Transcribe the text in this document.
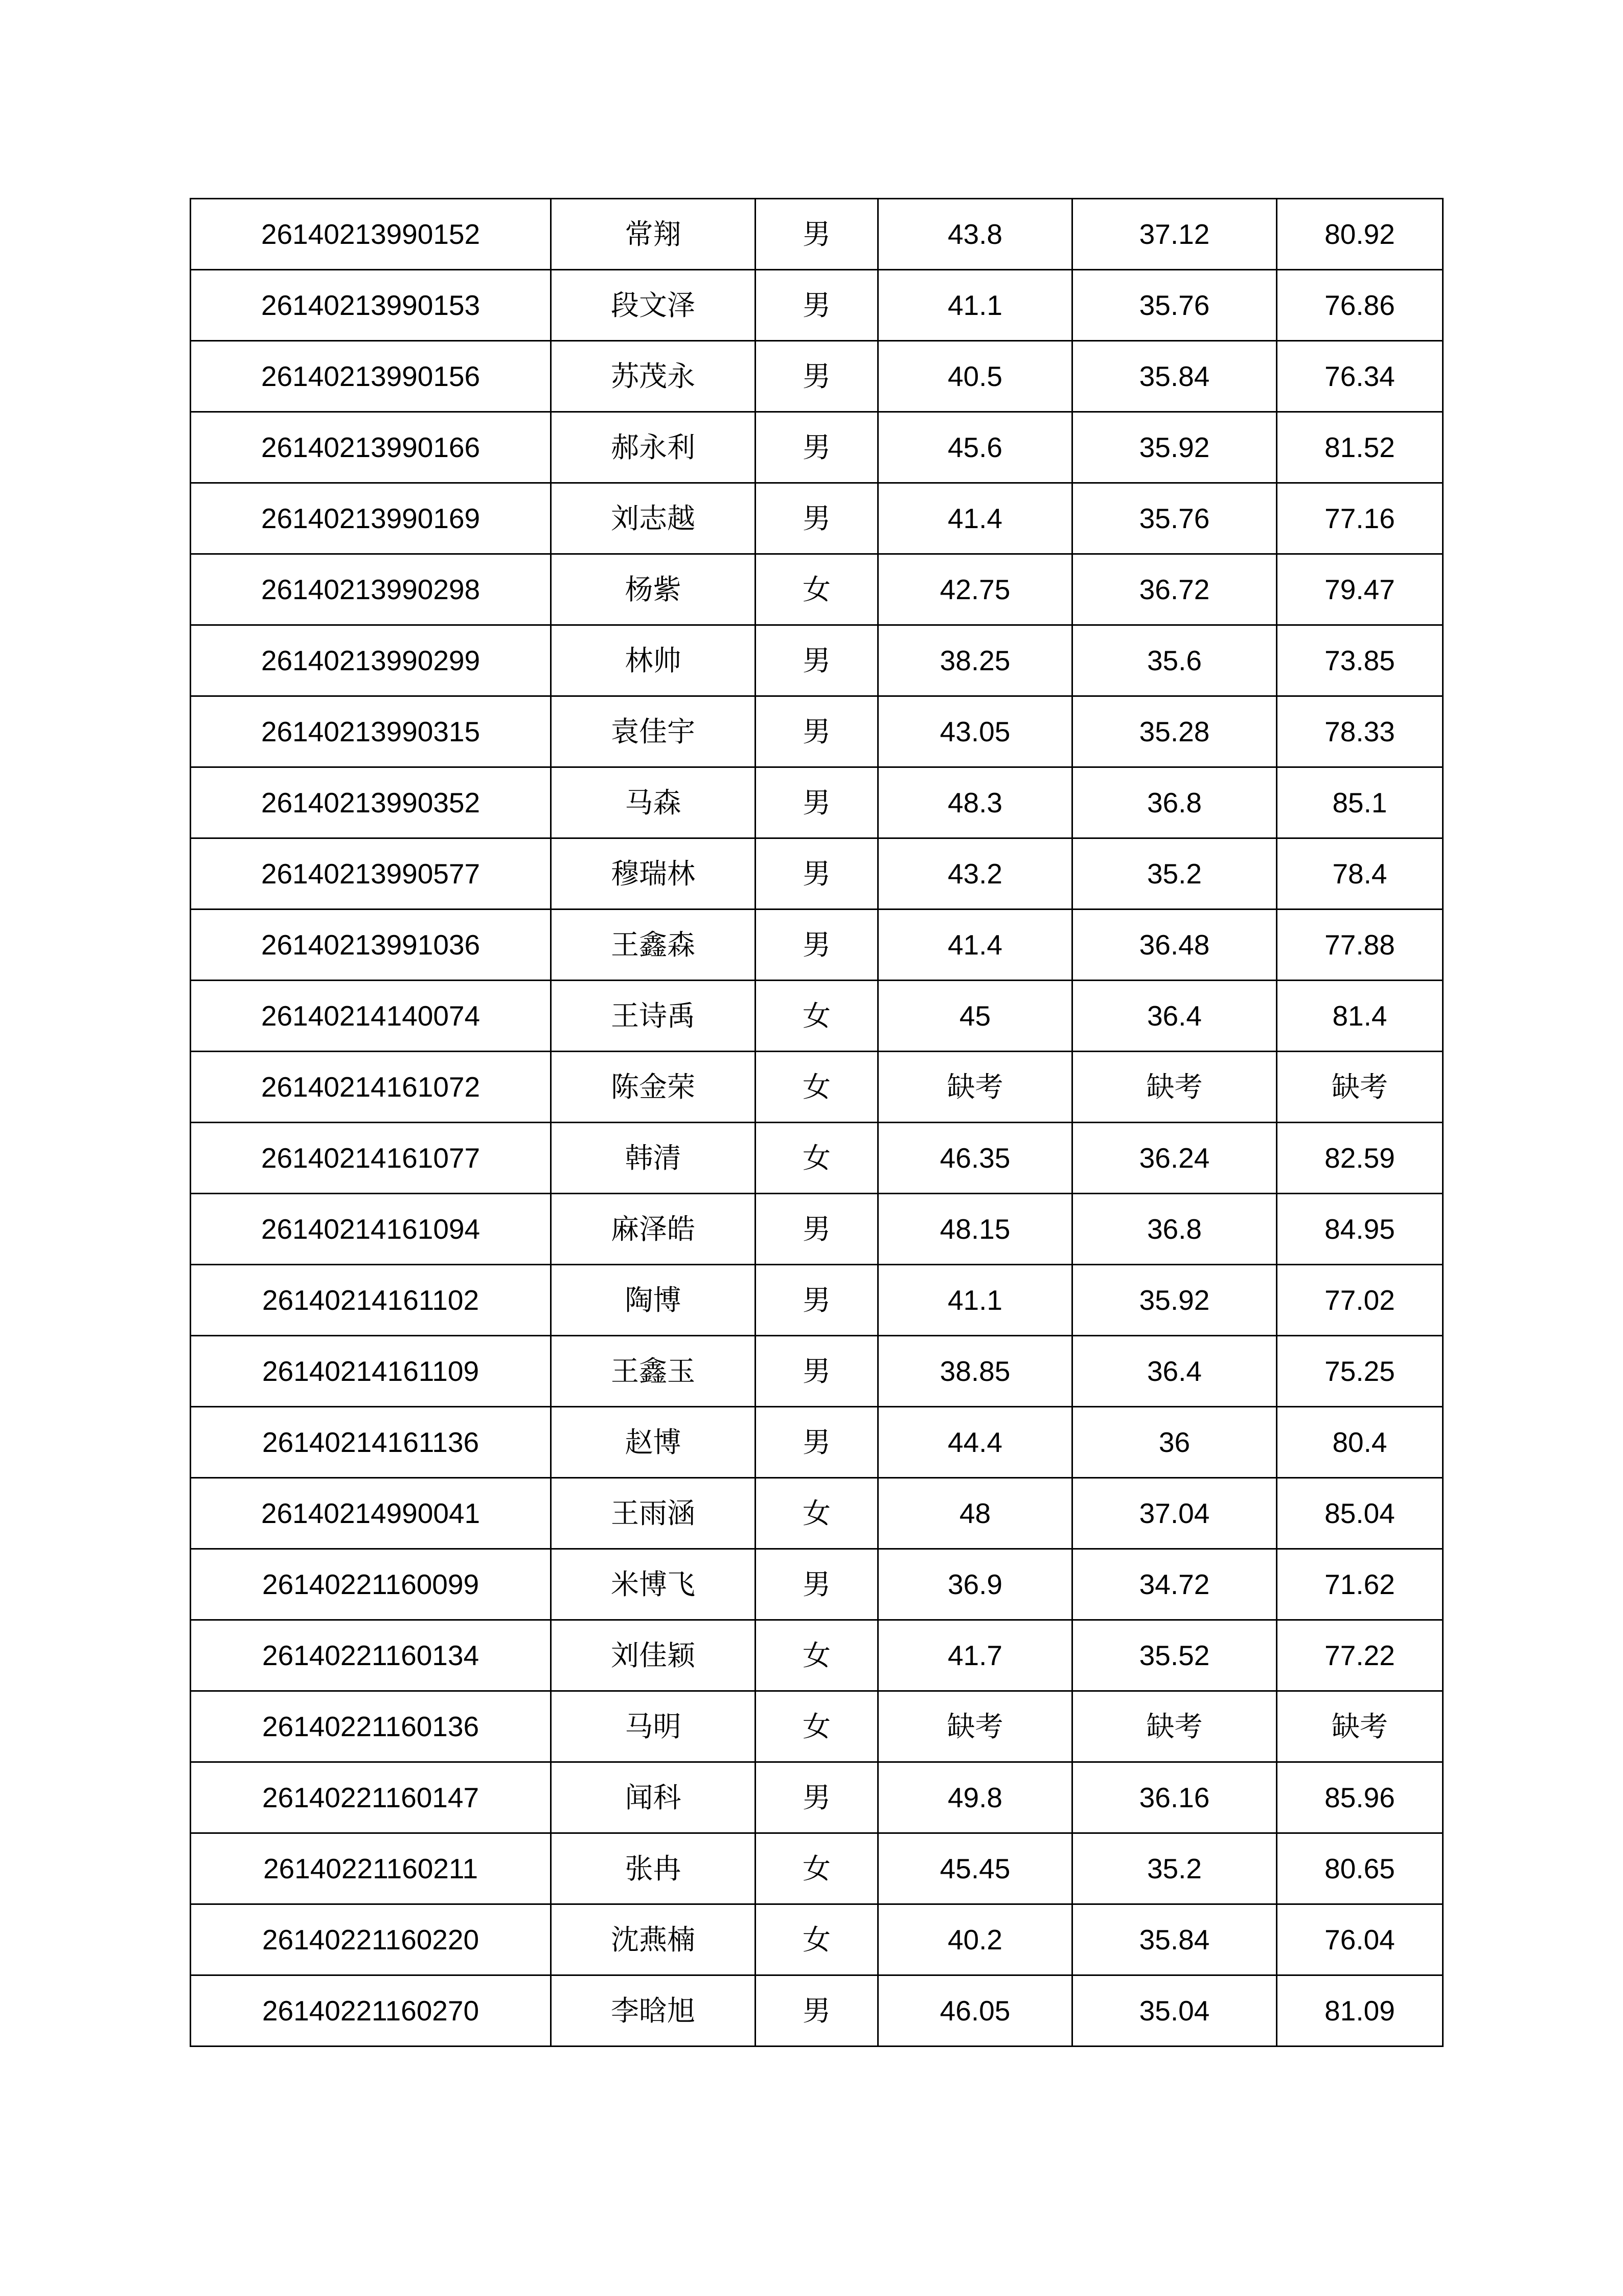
26140213990152	常翔	男	43.8	37.12	80.92
26140213990153	段文泽	男	41.1	35.76	76.86
26140213990156	苏茂永	男	40.5	35.84	76.34
26140213990166	郝永利	男	45.6	35.92	81.52
26140213990169	刘志越	男	41.4	35.76	77.16
26140213990298	杨紫	女	42.75	36.72	79.47
26140213990299	林帅	男	38.25	35.6	73.85
26140213990315	袁佳宇	男	43.05	35.28	78.33
26140213990352	马森	男	48.3	36.8	85.1
26140213990577	穆瑞林	男	43.2	35.2	78.4
26140213991036	王鑫森	男	41.4	36.48	77.88
26140214140074	王诗禹	女	45	36.4	81.4
26140214161072	陈金荣	女	缺考	缺考	缺考
26140214161077	韩清	女	46.35	36.24	82.59
26140214161094	麻泽皓	男	48.15	36.8	84.95
26140214161102	陶博	男	41.1	35.92	77.02
26140214161109	王鑫玉	男	38.85	36.4	75.25
26140214161136	赵博	男	44.4	36	80.4
26140214990041	王雨涵	女	48	37.04	85.04
26140221160099	米博飞	男	36.9	34.72	71.62
26140221160134	刘佳颖	女	41.7	35.52	77.22
26140221160136	马明	女	缺考	缺考	缺考
26140221160147	闻科	男	49.8	36.16	85.96
26140221160211	张冉	女	45.45	35.2	80.65
26140221160220	沈燕楠	女	40.2	35.84	76.04
26140221160270	李晗旭	男	46.05	35.04	81.09
